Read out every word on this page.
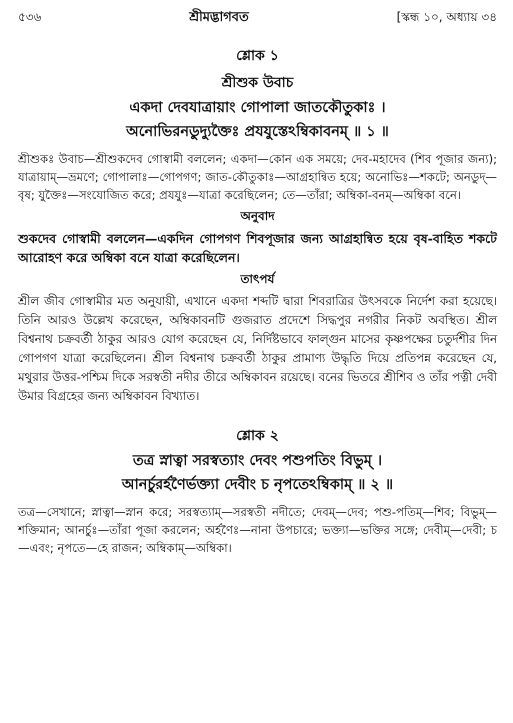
৫৩৬	শ্রীমদ্ভাগবত	[স্কন্ধ ১০, অধ্যায় ৩৪
শ্লোক ১
শ্রীশুক উবাচ
একদা দেবযাত্রায়াং গোপালা জাতকৌতুকাঃ ।
অনোভিরনডুদ্যুক্তৈঃ প্রযযুস্তেঽম্বিকাবনম্ ॥ ১ ॥
শ্রীশুকঃ উবাচ—শ্রীশুকদেব গোস্বামী বললেন; একদা—কোন এক সময়ে; দেব-মহাদেব (শিব পূজার জন্য); যাত্রায়াম্—ভ্রমণে; গোপালাঃ—গোপগণ; জাত-কৌতুকাঃ—আগ্রহান্বিত হয়ে; অনোভিঃ—শকটে; অনডুদ্—বৃষ; যুক্তৈঃ—সংযোজিত করে; প্রযযুঃ—যাত্রা করেছিলেন; তে—তাঁরা; অম্বিকা-বনম্—অম্বিকা বনে।
অনুবাদ
শুকদেব গোস্বামী বললেন—একদিন গোপগণ শিবপূজার জন্য আগ্রহান্বিত হয়ে বৃষ-বাহিত শকটে আরোহণ করে অম্বিকা বনে যাত্রা করেছিলেন।
তাৎপর্য
শ্রীল জীব গোস্বামীর মত অনুযায়ী, এখানে একদা শব্দটি দ্বারা শিবরাত্রির উৎসবকে নির্দেশ করা হয়েছে। তিনি আরও উল্লেখ করেছেন, অম্বিকাবনটি গুজরাত প্রদেশে সিদ্ধপুর নগরীর নিকট অবস্থিত। শ্রীল বিশ্বনাথ চক্রবর্তী ঠাকুর আরও যোগ করেছেন যে, নির্দিষ্টভাবে ফাল্গুন মাসের কৃষ্ণপক্ষের চতুর্দশীর দিন গোপগণ যাত্রা করেছিলেন। শ্রীল বিশ্বনাথ চক্রবর্তী ঠাকুর প্রামাণ্য উদ্ধৃতি দিয়ে প্রতিপন্ন করেছেন যে, মথুরার উত্তর-পশ্চিম দিকে সরস্বতী নদীর তীরে অম্বিকাবন রয়েছে। বনের ভিতরে শ্রীশিব ও তাঁর পত্নী দেবী উমার বিগ্রহের জন্য অম্বিকাবন বিখ্যাত।
শ্লোক ২
তত্র স্নাত্বা সরস্বত্যাং দেবং পশুপতিং বিভুম্ ।
আনর্চুরর্হণৈর্ভক্ত্যা দেবীং চ নৃপতেঽম্বিকাম্ ॥ ২ ॥
তত্র—সেখানে; স্নাত্বা—স্নান করে; সরস্বত্যাম্—সরস্বতী নদীতে; দেবম্—দেব; পশু-পতিম্—শিব; বিভুম্—শক্তিমান; আনর্চুঃ—তাঁরা পূজা করলেন; অর্হণৈঃ—নানা উপচারে; ভক্ত্যা—ভক্তির সঙ্গে; দেবীম্—দেবী; চ—এবং; নৃপতে—হে রাজন; অম্বিকাম্—অম্বিকা।
